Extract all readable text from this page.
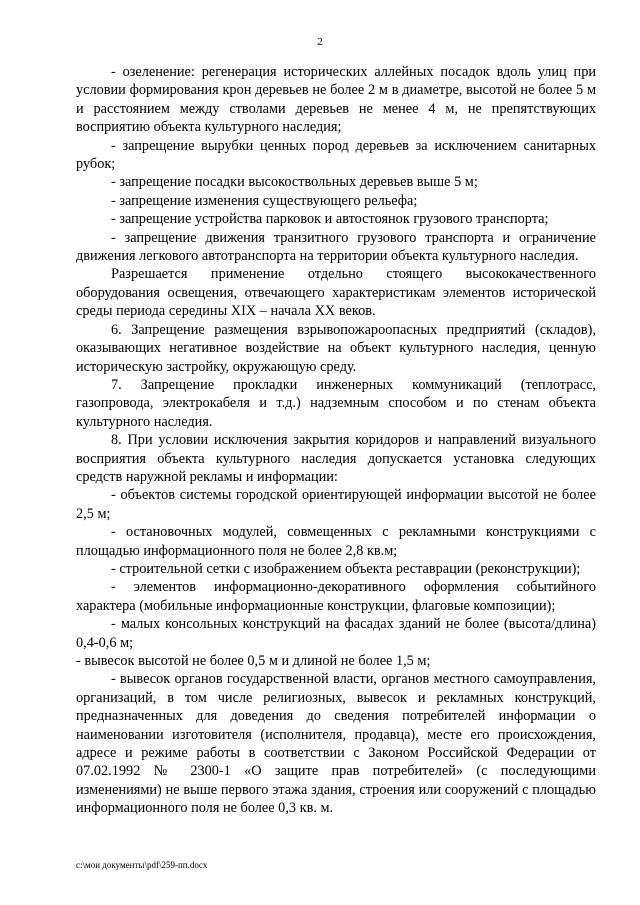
2

- озеленение: регенерация исторических аллейных посадок вдоль улиц при условии формирования крон деревьев не более 2 м в диаметре, высотой не более 5 м и расстоянием между стволами деревьев не менее 4 м, не препятствующих восприятию объекта культурного наследия;

- запрещение вырубки ценных пород деревьев за исключением санитарных рубок;

- запрещение посадки высокоствольных деревьев выше 5 м;

- запрещение изменения существующего рельефа;

- запрещение устройства парковок и автостоянок грузового транспорта;

- запрещение движения транзитного грузового транспорта и ограничение движения легкового автотранспорта на территории объекта культурного наследия.

Разрешается применение отдельно стоящего высококачественного оборудования освещения, отвечающего характеристикам элементов исторической среды периода середины XIX – начала XX веков.

6. Запрещение размещения взрывопожароопасных предприятий (складов), оказывающих негативное воздействие на объект культурного наследия, ценную историческую застройку, окружающую среду.

7. Запрещение прокладки инженерных коммуникаций (теплотрасс, газопровода, электрокабеля и т.д.) надземным способом и по стенам объекта культурного наследия.

8. При условии исключения закрытия коридоров и направлений визуального восприятия объекта культурного наследия допускается установка следующих средств наружной рекламы и информации:

- объектов системы городской ориентирующей информации высотой не более 2,5 м;

- остановочных модулей, совмещенных с рекламными конструкциями с площадью информационного поля не более 2,8 кв.м;

- строительной сетки с изображением объекта реставрации (реконструкции);

- элементов информационно-декоративного оформления событийного характера (мобильные информационные конструкции, флаговые композиции);

- малых консольных конструкций на фасадах зданий не более (высота/длина) 0,4-0,6 м;

- вывесок высотой не более 0,5 м и длиной не более 1,5 м;

- вывесок органов государственной власти, органов местного самоуправления, организаций, в том числе религиозных, вывесок и рекламных конструкций, предназначенных для доведения до сведения потребителей информации о наименовании изготовителя (исполнителя, продавца), месте его происхождения, адресе и режиме работы в соответствии с Законом Российской Федерации от 07.02.1992 № 2300-1 «О защите прав потребителей» (с последующими изменениями) не выше первого этажа здания, строения или сооружений с площадью информационного поля не более 0,3 кв. м.

c:\мои документы\pdf\259-пп.docx
